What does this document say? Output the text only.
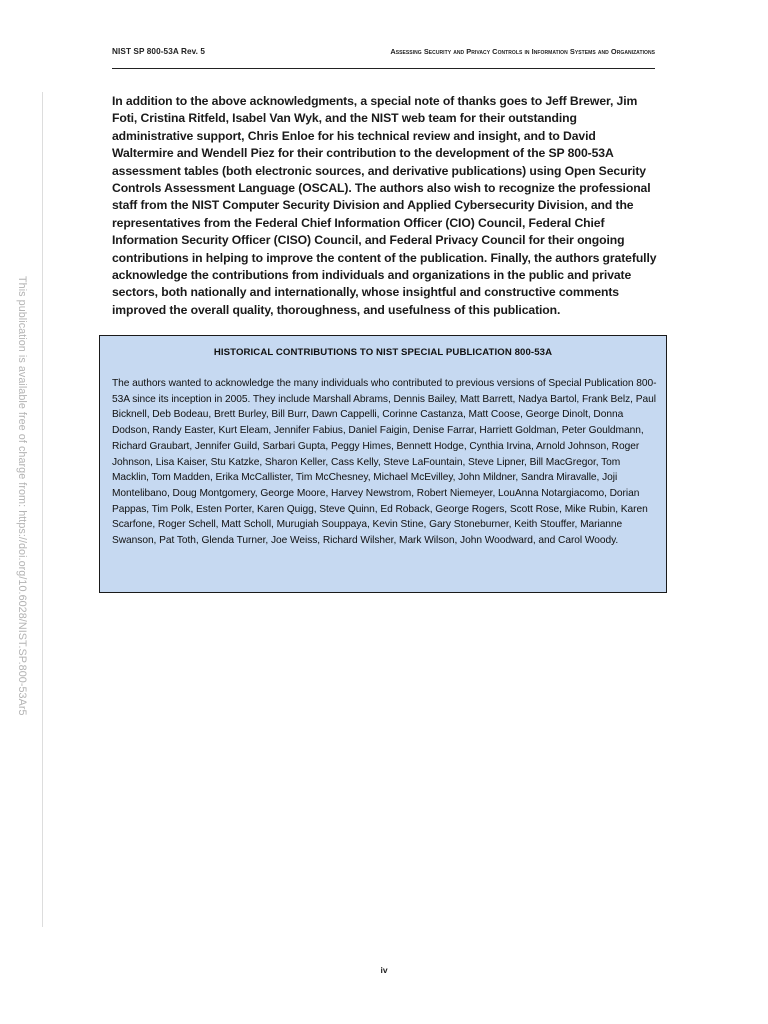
NIST SP 800-53A Rev. 5	Assessing Security and Privacy Controls in Information Systems and Organizations
This publication is available free of charge from: https://doi.org/10.6028/NIST.SP.800-53Ar5

In addition to the above acknowledgments, a special note of thanks goes to Jeff Brewer, Jim Foti, Cristina Ritfeld, Isabel Van Wyk, and the NIST web team for their outstanding administrative support, Chris Enloe for his technical review and insight, and to David Waltermire and Wendell Piez for their contribution to the development of the SP 800-53A assessment tables (both electronic sources, and derivative publications) using Open Security Controls Assessment Language (OSCAL). The authors also wish to recognize the professional staff from the NIST Computer Security Division and Applied Cybersecurity Division, and the representatives from the Federal Chief Information Officer (CIO) Council, Federal Chief Information Security Officer (CISO) Council, and Federal Privacy Council for their ongoing contributions in helping to improve the content of the publication. Finally, the authors gratefully acknowledge the contributions from individuals and organizations in the public and private sectors, both nationally and internationally, whose insightful and constructive comments improved the overall quality, thoroughness, and usefulness of this publication.

HISTORICAL CONTRIBUTIONS TO NIST SPECIAL PUBLICATION 800-53A

The authors wanted to acknowledge the many individuals who contributed to previous versions of Special Publication 800-53A since its inception in 2005. They include Marshall Abrams, Dennis Bailey, Matt Barrett, Nadya Bartol, Frank Belz, Paul Bicknell, Deb Bodeau, Brett Burley, Bill Burr, Dawn Cappelli, Corinne Castanza, Matt Coose, George Dinolt, Donna Dodson, Randy Easter, Kurt Eleam, Jennifer Fabius, Daniel Faigin, Denise Farrar, Harriett Goldman, Peter Gouldmann, Richard Graubart, Jennifer Guild, Sarbari Gupta, Peggy Himes, Bennett Hodge, Cynthia Irvina, Arnold Johnson, Roger Johnson, Lisa Kaiser, Stu Katzke, Sharon Keller, Cass Kelly, Steve LaFountain, Steve Lipner, Bill MacGregor, Tom Macklin, Tom Madden, Erika McCallister, Tim McChesney, Michael McEvilley, John Mildner, Sandra Miravalle, Joji Montelibano, Doug Montgomery, George Moore, Harvey Newstrom, Robert Niemeyer, LouAnna Notargiacomo, Dorian Pappas, Tim Polk, Esten Porter, Karen Quigg, Steve Quinn, Ed Roback, George Rogers, Scott Rose, Mike Rubin, Karen Scarfone, Roger Schell, Matt Scholl, Murugiah Souppaya, Kevin Stine, Gary Stoneburner, Keith Stouffer, Marianne Swanson, Pat Toth, Glenda Turner, Joe Weiss, Richard Wilsher, Mark Wilson, John Woodward, and Carol Woody.

iv
